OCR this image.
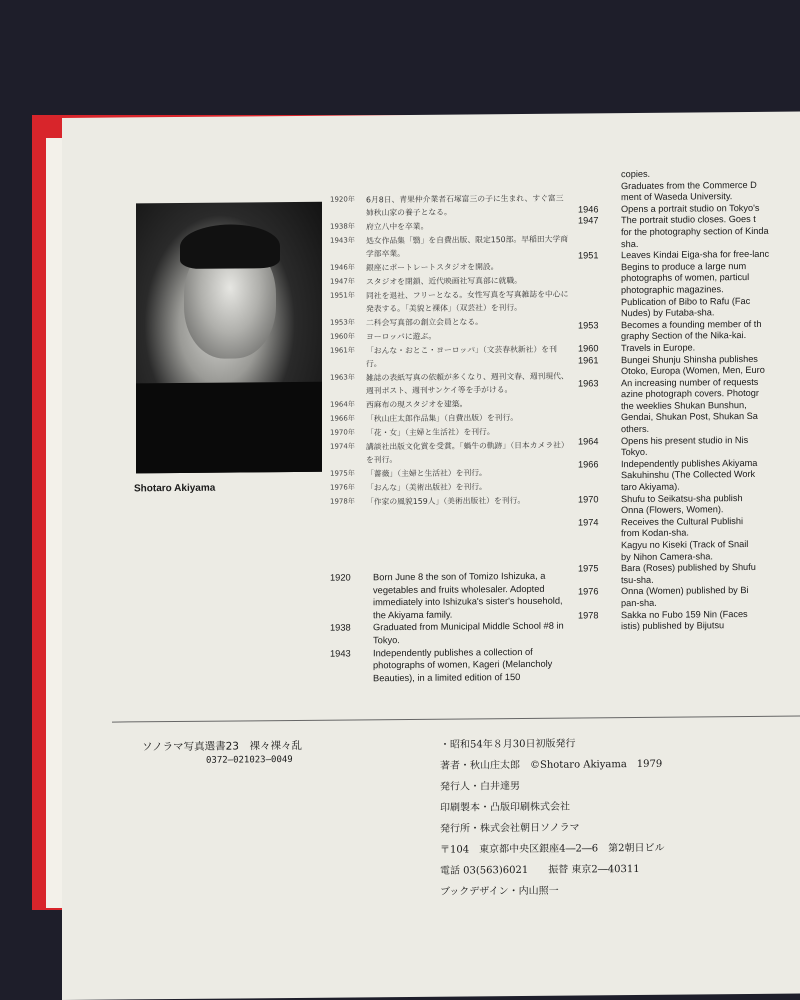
Shotaro Akiyama
1920年 6月8日、青果仲介業者石塚富三の子に生まれ、すぐ富三姉秋山家の養子となる。
1938年 府立八中を卒業。
1943年 処女作品集「翳」を自費出版、限定150部。早稲田大学商学部卒業。
1946年 銀座にポートレートスタジオを開設。
1947年 スタジオを閉鎖、近代映画社写真部に就職。
1951年 同社を退社、フリーとなる。女性写真を写真雑誌を中心に発表する。「美貌と裸体」（双芸社）を刊行。
1953年 二科会写真部の創立会員となる。
1960年 ヨーロッパに遊ぶ。
1961年 「おんな・おとこ・ヨーロッパ」（文芸春秋新社）を刊行。
1963年 雑誌の表紙写真の依頼が多くなり、週刊文春、週刊現代、週刊ポスト、週刊サンケイ等を手がける。
1964年 西麻布の現スタジオを建築。
1966年 「秋山庄太郎作品集」（自費出版）を刊行。
1970年 「花・女」（主婦と生活社）を刊行。
1974年 講談社出版文化賞を受賞。「蝸牛の軌跡」（日本カメラ社）を刊行。
1975年 「薔薇」（主婦と生活社）を刊行。
1976年 「おんな」（美術出版社）を刊行。
1978年 「作家の風貌159人」（美術出版社）を刊行。
1920 Born June 8 the son of Tomizo Ishizuka, a vegetables and fruits wholesaler. Adopted immediately into Ishizuka's sister's household, the Akiyama family.
1938 Graduated from Municipal Middle School #8 in Tokyo.
1943 Independently publishes a collection of photographs of women, Kageri (Melancholy Beauties), in a limited edition of 150
copies.
Graduates from the Commerce D
ment of Waseda University.
1946 Opens a portrait studio on Tokyo's
1947 The portrait studio closes. Goes t
for the photography section of Kinda
sha.
1951 Leaves Kindai Eiga-sha for free-lanc
Begins to produce a large num
photographs of women, particul
photographic magazines.
Publication of Bibo to Rafu (Fac
Nudes) by Futaba-sha.
1953 Becomes a founding member of th
graphy Section of the Nika-kai.
1960 Travels in Europe.
1961 Bungei Shunju Shinsha publishes
Otoko, Europa (Women, Men, Euro
1963 An increasing number of requests
azine photograph covers. Photogr
the weeklies Shukan Bunshun,
Gendai, Shukan Post, Shukan Sa
others.
1964 Opens his present studio in Nis
Tokyo.
1966 Independently publishes Akiyama
Sakuhinshu (The Collected Work
taro Akiyama).
1970 Shufu to Seikatsu-sha publish
Onna (Flowers, Women).
1974 Receives the Cultural Publishi
from Kodan-sha.
Kagyu no Kiseki (Track of Snail
by Nihon Camera-sha.
1975 Bara (Roses) published by Shufu
tsu-sha.
1976 Onna (Women) published by Bi
pan-sha.
1978 Sakka no Fubo 159 Nin (Faces
istis) published by Bijutsu
ソノラマ写真選書23　裸々裸々乱
0372―021023―0049
・昭和54年８月30日初版発行
著者・秋山庄太郎　©Shotaro Akiyama　1979
発行人・白井達男
印刷製本・凸版印刷株式会社
発行所・株式会社朝日ソノラマ
〒104　東京都中央区銀座4―2―6　第2朝日ビル
電話 03(563)6021　　振替 東京2―40311
ブックデザイン・内山照一
